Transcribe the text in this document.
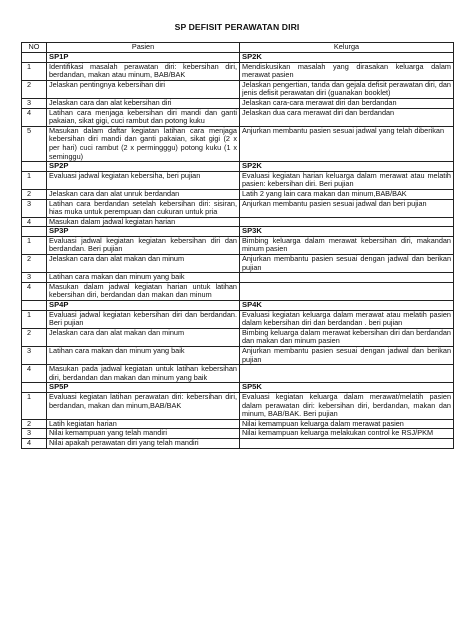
SP DEFISIT PERAWATAN DIRI
NO	Pasien	Kelurga
	SP1P	SP2K
1	Identifikasi masalah perawatan diri: kebersihan diri, berdandan, makan atau minum, BAB/BAK	Mendiskusikan masalah yang dirasakan keluarga dalam merawat pasien
2	Jelaskan pentingnya kebersihan diri	Jelaskan pengertian, tanda dan gejala defisit perawatan diri, dan jenis defisit perawatan diri (guanakan booklet)
3	Jelaskan cara dan alat kebersihan diri	Jelaskan cara-cara merawat diri dan berdandan
4	Latihan cara menjaga kebersihan diri mandi dan ganti pakaian, sikat gigi, cuci rambut dan potong kuku	Jelaskan dua cara merawat diri dan berdandan
5	Masukan dalam daftar kegiatan latihan cara menjaga kebersihan diri mandi dan ganti pakaian, sikat gigi (2 x per hari) cuci rambut (2 x permingggu) potong kuku (1 x seminggu)	Anjurkan membantu pasien sesuai jadwal yang telah diberikan
	SP2P	SP2K
1	Evaluasi jadwal kegiatan kebersiha, beri pujian	Evaluasi kegiatan harian keluarga dalam merawat atau melatih pasien: kebersihan diri. Beri pujian
2	Jelaskan cara dan alat unruk berdandan	Latih 2 yang lain cara makan dan minum,BAB/BAK
3	Latihan cara berdandan setelah kebersihan diri: sisiran, hias muka untuk perempuan dan cukuran untuk pria	Anjurkan membantu pasien sesuai jadwal dan beri pujian
4	Masukan dalam jadwal kegiatan harian	
	SP3P	SP3K
1	Evaluasi jadwal kegiatan kegiatan kebersihan diri dan berdandan. Beri pujian	Bimbing keluarga dalam merawat kebersihan diri, makandan minum pasien
2	Jelaskan cara dan alat makan dan minum	Anjurkan membantu pasien sesuai dengan jadwal dan berikan pujian
3	Latihan cara makan dan minum yang baik	
4	Masukan dalam jadwal kegiatan harian untuk latihan kebersihan diri, berdandan dan makan dan minum	
	SP4P	SP4K
1	Evaluasi jadwal kegiatan kebersihan diri dan berdandan. Beri pujian	Evaluasi kegiatan keluarga dalam merawat atau melatih pasien dalam kebersihan diri dan berdandan . beri pujian
2	Jelaskan cara dan alat makan dan minum	Bimbing keluarga dalam merawat kebersihan diri dan berdandan dan makan dan minum pasien
3	Latihan cara makan dan minum yang baik	Anjurkan membantu pasien sesuai dengan jadwal dan berikan pujian
4	Masukan pada jadwal kegiatan untuk latihan kebersihan diri, berdandan dan makan dan minum yang baik	
	SP5P	SP5K
1	Evaluasi kegiatan latihan perawatan diri: kebersihan diri, berdandan, makan dan minum,BAB/BAK	Evaluasi kegiatan keluarga dalam merawat/melatih pasien dalam perawatan diri: kebersihan diri, berdandan, makan dan minum, BAB/BAK. Beri pujian
2	Latih kegiatan harian	Nilai kemampuan keluarga dalam merawat pasien
3	Nilai kemampuan yang telah mandiri	Nilai kemampuan keluarga melakukan control ke RSJ/PKM
4	Nilai apakah perawatan diri yang telah mandiri	
